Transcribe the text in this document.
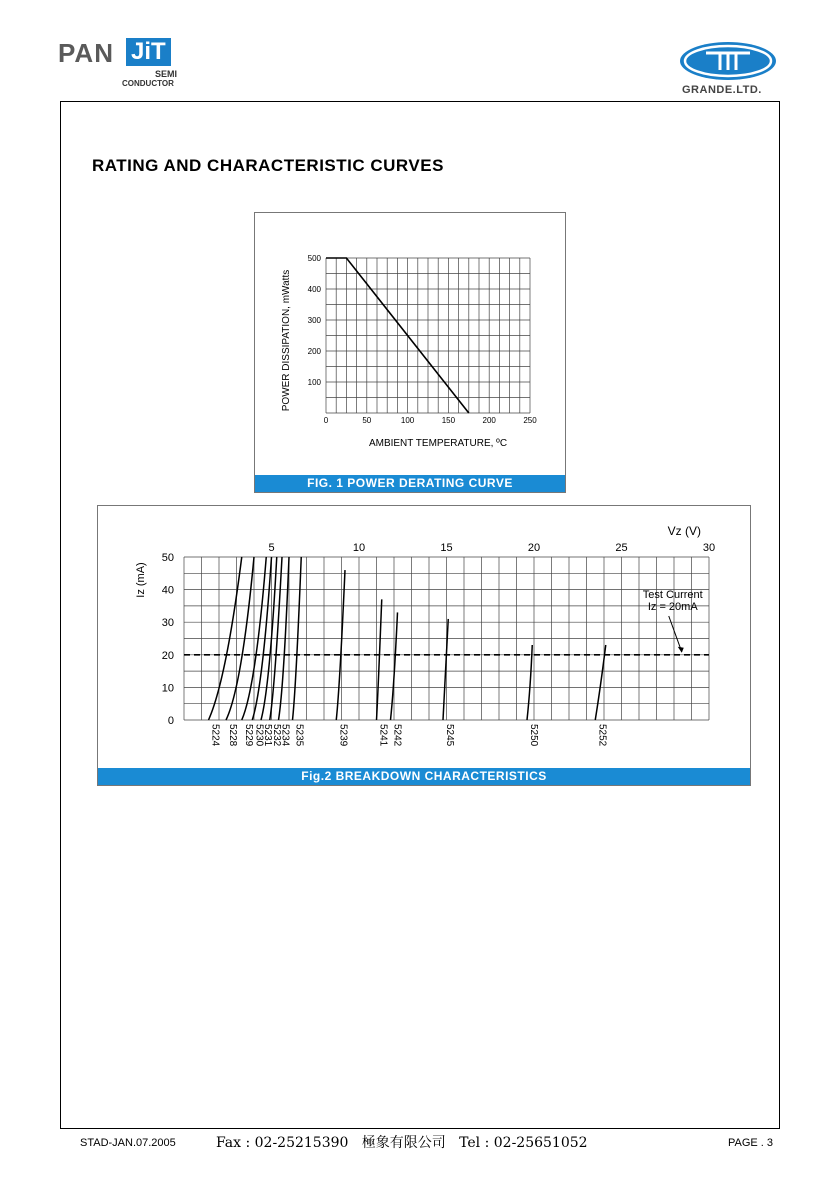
PAN JiT
SEMI
CONDUCTOR
GRANDE.LTD.
RATING AND CHARACTERISTIC CURVES
0	50	100	150	200	250
100
200
300
400
500
AMBIENT TEMPERATURE, ºC
POWER DISSIPATION, mWatts
FIG. 1 POWER DERATING CURVE
5	10	15	20	25	30
0
10
20
30
40
50
Vz (V)
Iz (mA)
5224 5228 5229 5230
5231
5232
5234 5235	5239	5241 5242	5245	5250	5252
Test Current
Iz = 20mA
Fig.2 BREAKDOWN CHARACTERISTICS
STAD-JAN.07.2005	Fax : 02-25215390   極象有限公司   Tel : 02-25651052	PAGE . 3
